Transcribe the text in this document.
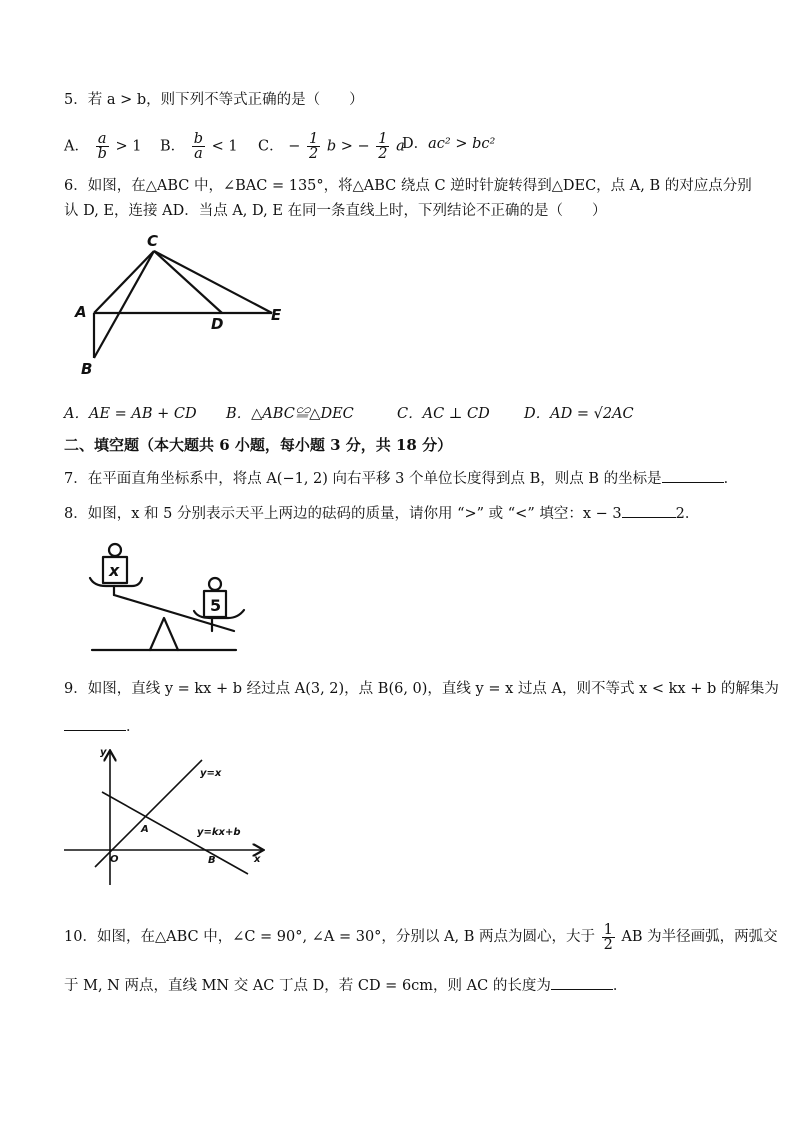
5．若 a > b，则下列不等式正确的是（　　）
A． $\frac{a}{b} > 1$ B． $\frac{b}{a} < 1$ C． − $\frac{1}{2}$ b > − $\frac{1}{2}$ a
D．ac² > bc²
6．如图，在△ABC 中，∠BAC = 135°，将△ABC 绕点 C 逆时针旋转得到△DEC，点 A, B 的对应点分别
认 D, E，连接 AD．当点 A, D, E 在同一条直线上时，下列结论不正确的是（　　）
C
A
D	E
B
A．AE = AB + CD B．△ABC≌△DEC	C．AC ⊥ CD D．AD = √2AC
二、填空题（本大题共 6 小题，每小题 3 分，共 18 分）
7．在平面直角坐标系中，将点 A(−1, 2) 向右平移 3 个单位长度得到点 B，则点 B 的坐标是	．
8．如图，x 和 5 分别表示天平上两边的砝码的质量，请你用 “>” 或 “<” 填空：x − 3	2．
x
5
9．如图，直线 y = kx + b 经过点 A(3, 2)，点 B(6, 0)，直线 y = x 过点 A，则不等式 x < kx + b 的解集为
．
y
x
O
A
B
y=x
y=kx+b
10．如图，在△ABC 中，∠C = 90°, ∠A = 30°，分别以 A, B 两点为圆心，大于 $\frac{1}{2}$ AB 为半径画弧，两弧交
于 M, N 两点，直线 MN 交 AC 丁点 D，若 CD = 6cm，则 AC 的长度为	．
